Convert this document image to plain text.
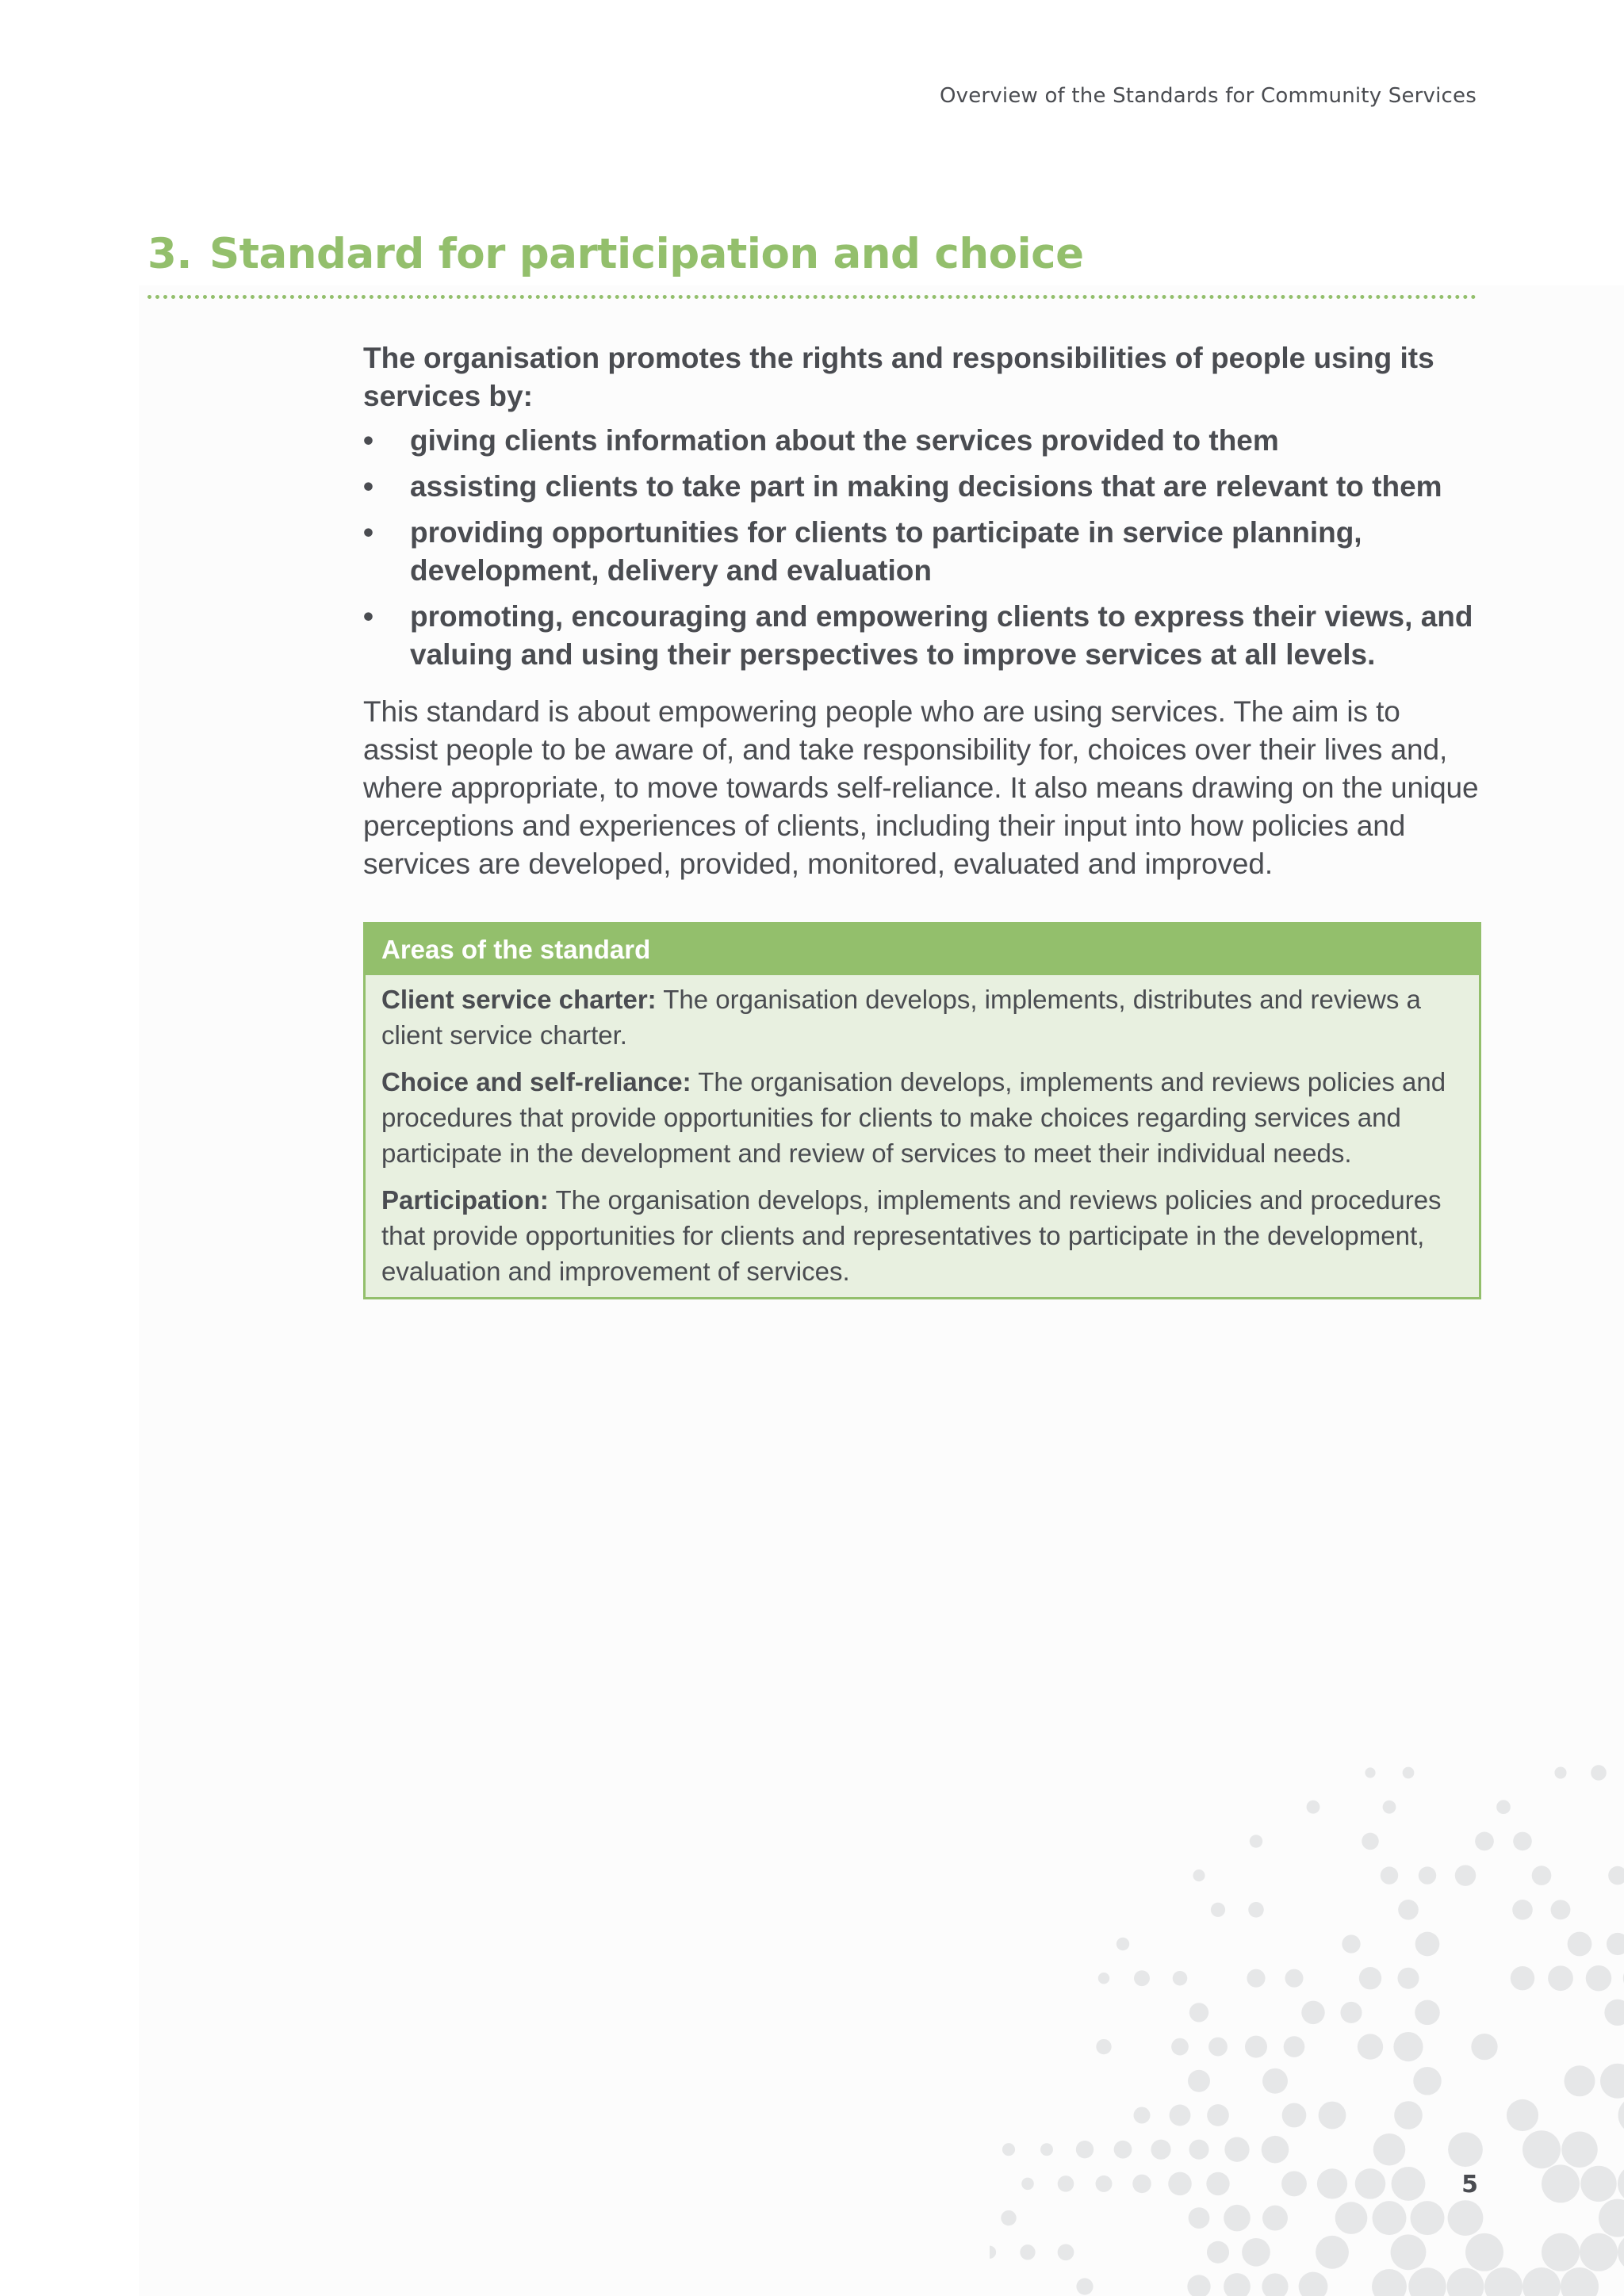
Overview of the Standards for Community Services

3. Standard for participation and choice

The organisation promotes the rights and responsibilities of people using its services by:

• giving clients information about the services provided to them
• assisting clients to take part in making decisions that are relevant to them
• providing opportunities for clients to participate in service planning, development, delivery and evaluation
• promoting, encouraging and empowering clients to express their views, and valuing and using their perspectives to improve services at all levels.

This standard is about empowering people who are using services. The aim is to assist people to be aware of, and take responsibility for, choices over their lives and, where appropriate, to move towards self-reliance. It also means drawing on the unique perceptions and experiences of clients, including their input into how policies and services are developed, provided, monitored, evaluated and improved.

Areas of the standard

Client service charter: The organisation develops, implements, distributes and reviews a client service charter.

Choice and self-reliance: The organisation develops, implements and reviews policies and procedures that provide opportunities for clients to make choices regarding services and participate in the development and review of services to meet their individual needs.

Participation: The organisation develops, implements and reviews policies and procedures that provide opportunities for clients and representatives to participate in the development, evaluation and improvement of services.

5
